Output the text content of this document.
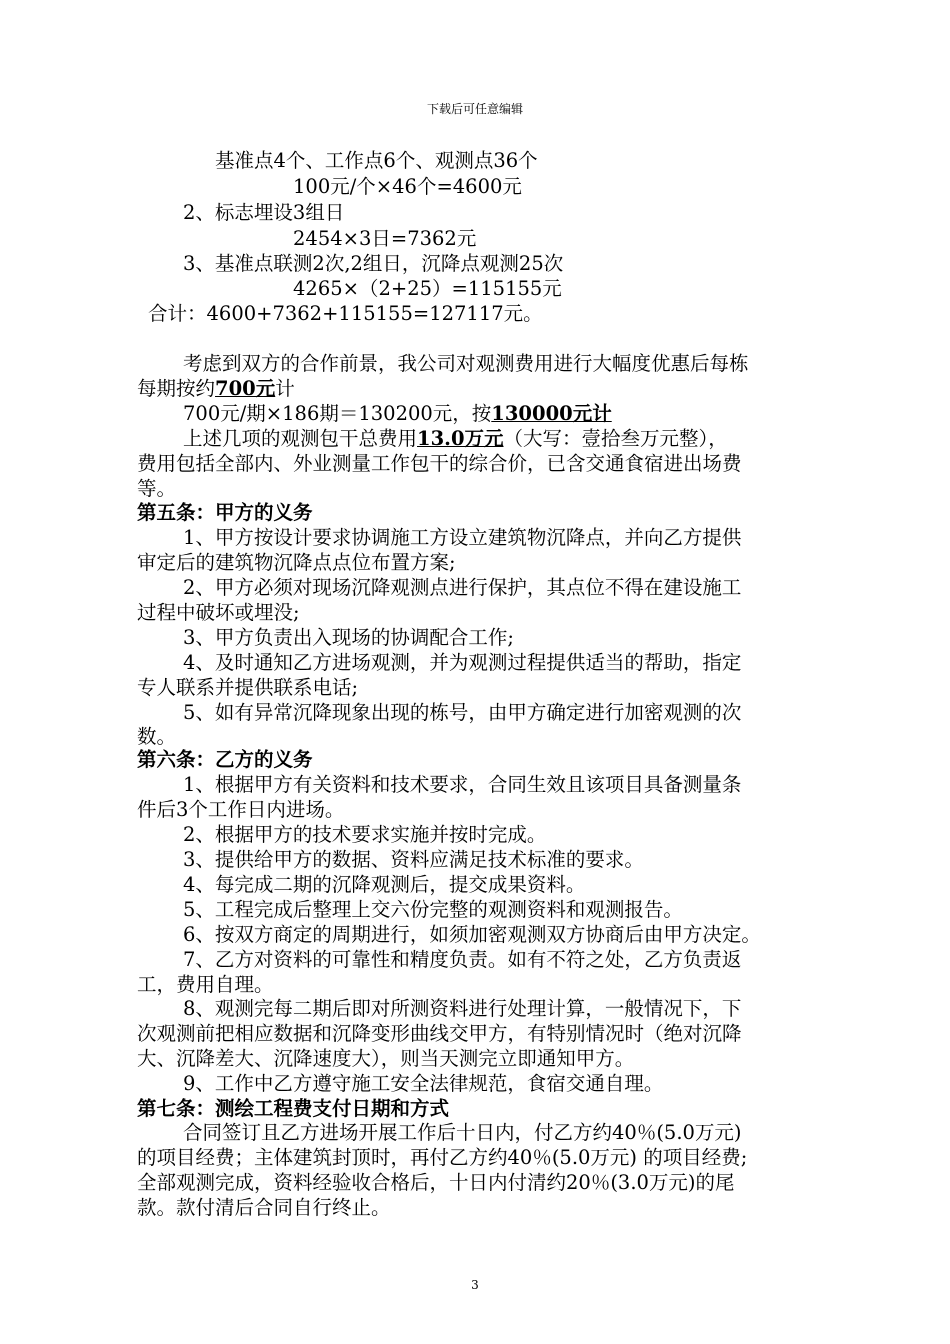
下载后可任意编辑
基准点4个、工作点6个、观测点36个
100元/个×46个=4600元
2、标志埋设3组日
2454×3日=7362元
3、基准点联测2次,2组日，沉降点观测25次
4265×（2+25）=115155元
合计：4600+7362+115155=127117元。
考虑到双方的合作前景，我公司对观测费用进行大幅度优惠后每栋
每期按约700元计
700元/期×186期＝130200元，按130000元计
上述几项的观测包干总费用13.0万元（大写：壹拾叁万元整），
费用包括全部内、外业测量工作包干的综合价，已含交通食宿进出场费
等。
第五条：甲方的义务
1、甲方按设计要求协调施工方设立建筑物沉降点，并向乙方提供
审定后的建筑物沉降点点位布置方案;
2、甲方必须对现场沉降观测点进行保护，其点位不得在建设施工
过程中破坏或埋没;
3、甲方负责出入现场的协调配合工作;
4、及时通知乙方进场观测，并为观测过程提供适当的帮助，指定
专人联系并提供联系电话;
5、如有异常沉降现象出现的栋号，由甲方确定进行加密观测的次
数。
第六条：乙方的义务
1、根据甲方有关资料和技术要求，合同生效且该项目具备测量条
件后3个工作日内进场。
2、根据甲方的技术要求实施并按时完成。
3、提供给甲方的数据、资料应满足技术标准的要求。
4、每完成二期的沉降观测后，提交成果资料。
5、工程完成后整理上交六份完整的观测资料和观测报告。
6、按双方商定的周期进行，如须加密观测双方协商后由甲方决定。
7、乙方对资料的可靠性和精度负责。如有不符之处，乙方负责返
工，费用自理。
8、观测完每二期后即对所测资料进行处理计算，一般情况下，下
次观测前把相应数据和沉降变形曲线交甲方，有特别情况时（绝对沉降
大、沉降差大、沉降速度大），则当天测完立即通知甲方。
9、工作中乙方遵守施工安全法律规范，食宿交通自理。
第七条：测绘工程费支付日期和方式
合同签订且乙方进场开展工作后十日内，付乙方约40％(5.0万元)
的项目经费；主体建筑封顶时，再付乙方约40％(5.0万元) 的项目经费;
全部观测完成，资料经验收合格后，十日内付清约20％(3.0万元)的尾
款。款付清后合同自行终止。
3
